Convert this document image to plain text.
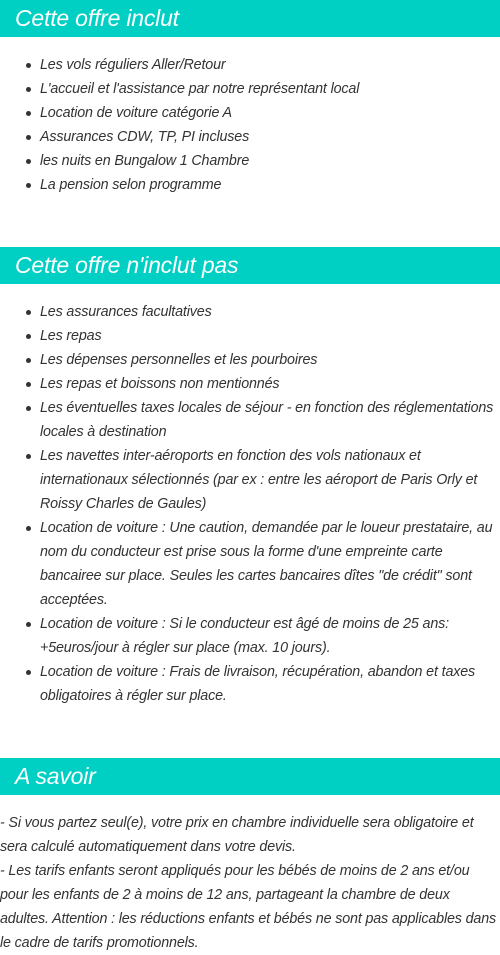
Cette offre inclut
Les vols réguliers Aller/Retour
L'accueil et l'assistance par notre représentant local
Location de voiture catégorie A
Assurances CDW, TP, PI incluses
les nuits en Bungalow 1 Chambre
La pension selon programme
Cette offre n'inclut pas
Les assurances facultatives
Les repas
Les dépenses personnelles et les pourboires
Les repas et boissons non mentionnés
Les éventuelles taxes locales de séjour - en fonction des réglementations locales à destination
Les navettes inter-aéroports en fonction des vols nationaux et internationaux sélectionnés (par ex : entre les aéroport de Paris Orly et Roissy Charles de Gaules)
Location de voiture : Une caution, demandée par le loueur prestataire, au nom du conducteur est prise sous la forme d'une empreinte carte bancairee sur place. Seules les cartes bancaires dîtes "de crédit" sont acceptées.
Location de voiture : Si le conducteur est âgé de moins de 25 ans: +5euros/jour à régler sur place (max. 10 jours).
Location de voiture : Frais de livraison, récupération, abandon et taxes obligatoires à régler sur place.
A savoir

- Si vous partez seul(e), votre prix en chambre individuelle sera obligatoire et sera calculé automatiquement dans votre devis.

- Les tarifs enfants seront appliqués pour les bébés de moins de 2 ans et/ou pour les enfants de 2 à moins de 12 ans, partageant la chambre de deux adultes. Attention : les réductions enfants et bébés ne sont pas applicables dans le cadre de tarifs promotionnels.
